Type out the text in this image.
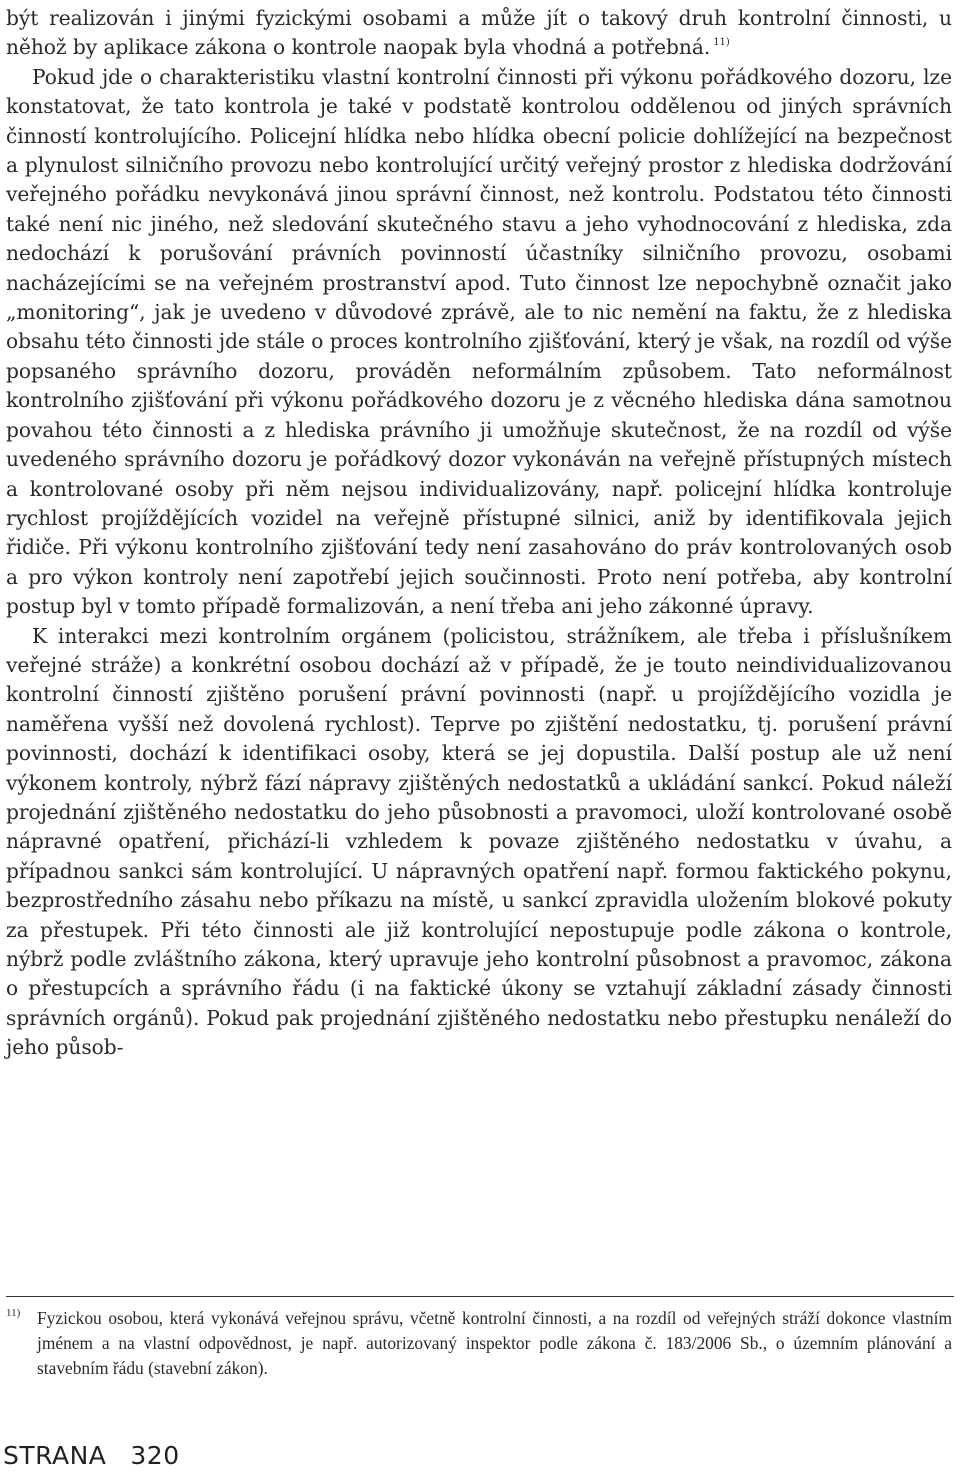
být realizován i jinými fyzickými osobami a může jít o takový druh kontrolní činnosti, u něhož by aplikace zákona o kontrole naopak byla vhodná a potřebná. $^{11)}$

Pokud jde o charakteristiku vlastní kontrolní činnosti při výkonu pořádkového dozoru, lze konstatovat, že tato kontrola je také v podstatě kontrolou oddělenou od jiných správních činností kontrolujícího. Policejní hlídka nebo hlídka obecní policie dohlížející na bezpečnost a plynulost silničního provozu nebo kontrolující určitý veřejný prostor z hlediska dodržování veřejného pořádku nevykonává jinou správní činnost, než kontrolu. Podstatou této činnosti také není nic jiného, než sledování skutečného stavu a jeho vyhodnocování z hlediska, zda nedochází k porušování právních povinností účastníky silničního provozu, osobami nacházejícími se na veřejném prostranství apod. Tuto činnost lze nepochybně označit jako „monitoring“, jak je uvedeno v důvodové zprávě, ale to nic nemění na faktu, že z hlediska obsahu této činnosti jde stále o proces kontrolního zjišťování, který je však, na rozdíl od výše popsaného správního dozoru, prováděn neformálním způsobem. Tato neformálnost kontrolního zjišťování při výkonu pořádkového dozoru je z věcného hlediska dána samotnou povahou této činnosti a z hlediska právního ji umožňuje skutečnost, že na rozdíl od výše uvedeného správního dozoru je pořádkový dozor vykonáván na veřejně přístupných místech a kontrolované osoby při něm nejsou individualizovány, např. policejní hlídka kontroluje rychlost projíždějících vozidel na veřejně přístupné silnici, aniž by identifikovala jejich řidiče. Při výkonu kontrolního zjišťování tedy není zasahováno do práv kontrolovaných osob a pro výkon kontroly není zapotřebí jejich součinnosti. Proto není potřeba, aby kontrolní postup byl v tomto případě formalizován, a není třeba ani jeho zákonné úpravy.

K interakci mezi kontrolním orgánem (policistou, strážníkem, ale třeba i příslušníkem veřejné stráže) a konkrétní osobou dochází až v případě, že je touto neindividualizovanou kontrolní činností zjištěno porušení právní povinnosti (např. u projíždějícího vozidla je naměřena vyšší než dovolená rychlost). Teprve po zjištění nedostatku, tj. porušení právní povinnosti, dochází k identifikaci osoby, která se jej dopustila. Další postup ale už není výkonem kontroly, nýbrž fází nápravy zjištěných nedostatků a ukládání sankcí. Pokud náleží projednání zjištěného nedostatku do jeho působnosti a pravomoci, uloží kontrolované osobě nápravné opatření, přichází-li vzhledem k povaze zjištěného nedostatku v úvahu, a případnou sankci sám kontrolující. U nápravných opatření např. formou faktického pokynu, bezprostředního zásahu nebo příkazu na místě, u sankcí zpravidla uložením blokové pokuty za přestupek. Při této činnosti ale již kontrolující nepostupuje podle zákona o kontrole, nýbrž podle zvláštního zákona, který upravuje jeho kontrolní působnost a pravomoc, zákona o přestupcích a správního řádu (i na faktické úkony se vztahují základní zásady činnosti správních orgánů). Pokud pak projednání zjištěného nedostatku nebo přestupku nenáleží do jeho působ-

11) Fyzickou osobou, která vykonává veřejnou správu, včetně kontrolní činnosti, a na rozdíl od veřejných stráží dokonce vlastním jménem a na vlastní odpovědnost, je např. autorizovaný inspektor podle zákona č. 183/2006 Sb., o územním plánování a stavebním řádu (stavební zákon).
STRANA 320
